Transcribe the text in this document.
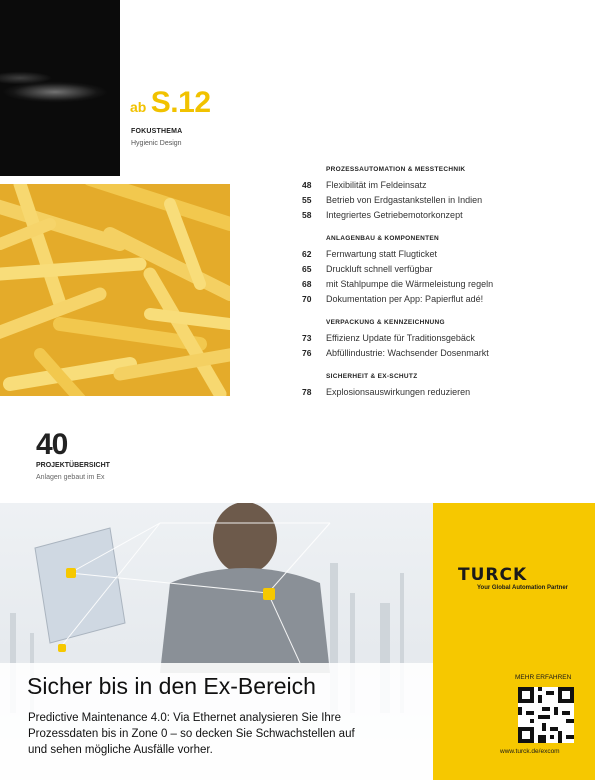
ab S.12
FOKUSTHEMA
Hygienic Design
PROZESSAUTOMATION & MESSTECHNIK
48	Flexibilität im Feldeinsatz
55	Betrieb von Erdgastankstellen in Indien
58	Integriertes Getriebemotorkonzept
ANLAGENBAU & KOMPONENTEN
62	Fernwartung statt Flugticket
65	Druckluft schnell verfügbar
68	mit Stahlpumpe die Wärmeleistung regeln
70	Dokumentation per App: Papierflut adé!
VERPACKUNG & KENNZEICHNUNG
73	Effizienz Update für Traditionsgebäck
76	Abfüllindustrie: Wachsender Dosenmarkt
SICHERHEIT & EX-SCHUTZ
78	Explosionsauswirkungen reduzieren
40
PROJEKTÜBERSICHT
Anlagen gebaut im Ex
TURCK
Your Global Automation Partner
MEHR ERFAHREN
www.turck.de/excom
Sicher bis in den Ex-Bereich
Predictive Maintenance 4.0: Via Ethernet analysieren Sie Ihre
Prozessdaten bis in Zone 0 – so decken Sie Schwachstellen auf
und sehen mögliche Ausfälle vorher.
